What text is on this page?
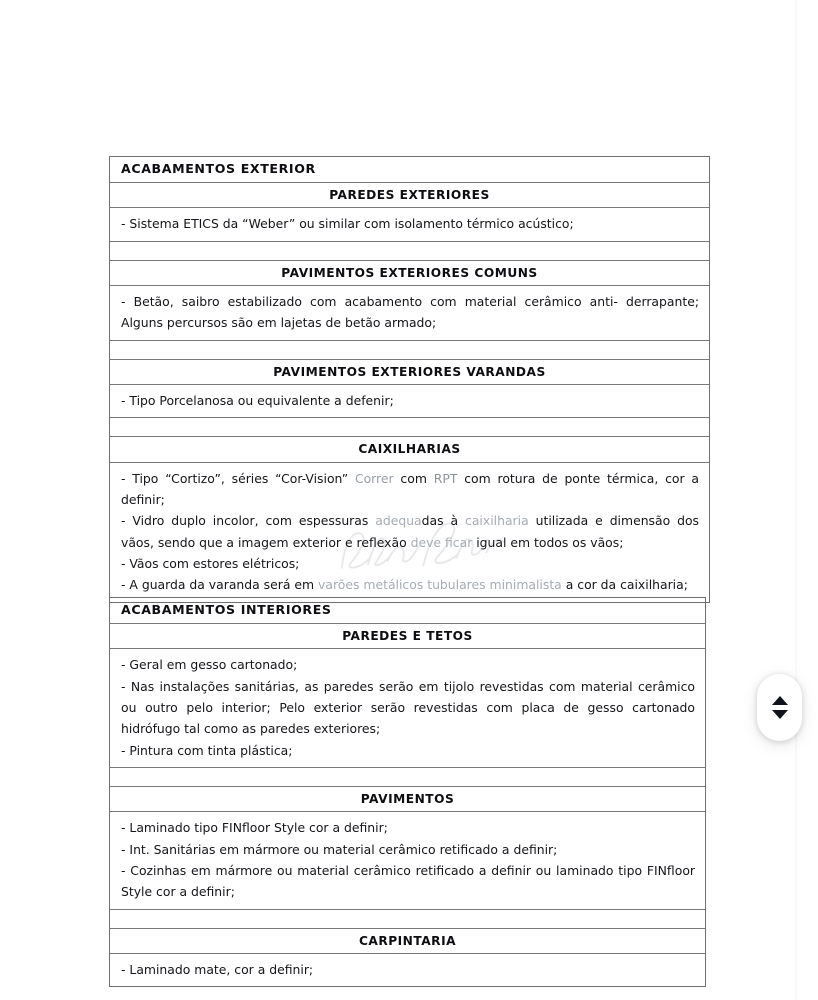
ACABAMENTOS EXTERIOR
PAREDES EXTERIORES
- Sistema ETICS da “Weber” ou similar com isolamento térmico acústico;
PAVIMENTOS EXTERIORES COMUNS
- Betão, saibro estabilizado com acabamento com material cerâmico anti- derrapante; Alguns percursos são em lajetas de betão armado;
PAVIMENTOS EXTERIORES VARANDAS
- Tipo Porcelanosa ou equivalente a defenir;
CAIXILHARIAS
- Tipo “Cortizo”, séries “Cor-Vision” Correr com RPT com rotura de ponte térmica, cor a definir;
- Vidro duplo incolor, com espessuras adequadas à caixilharia utilizada e dimensão dos vãos, sendo que a imagem exterior e reflexão deve ficar igual em todos os vãos;
- Vãos com estores elétricos;
- A guarda da varanda será em varões metálicos tubulares minimalista a cor da caixilharia;
ACABAMENTOS INTERIORES
PAREDES E TETOS
- Geral em gesso cartonado;
- Nas instalações sanitárias, as paredes serão em tijolo revestidas com material cerâmico ou outro pelo interior; Pelo exterior serão revestidas com placa de gesso cartonado hidrófugo tal como as paredes exteriores;
- Pintura com tinta plástica;
PAVIMENTOS
- Laminado tipo FINfloor Style cor a definir;
- Int. Sanitárias em mármore ou material cerâmico retificado a definir;
- Cozinhas em mármore ou material cerâmico retificado a definir ou laminado tipo FINfloor Style cor a definir;
CARPINTARIA
- Laminado mate, cor a definir;
